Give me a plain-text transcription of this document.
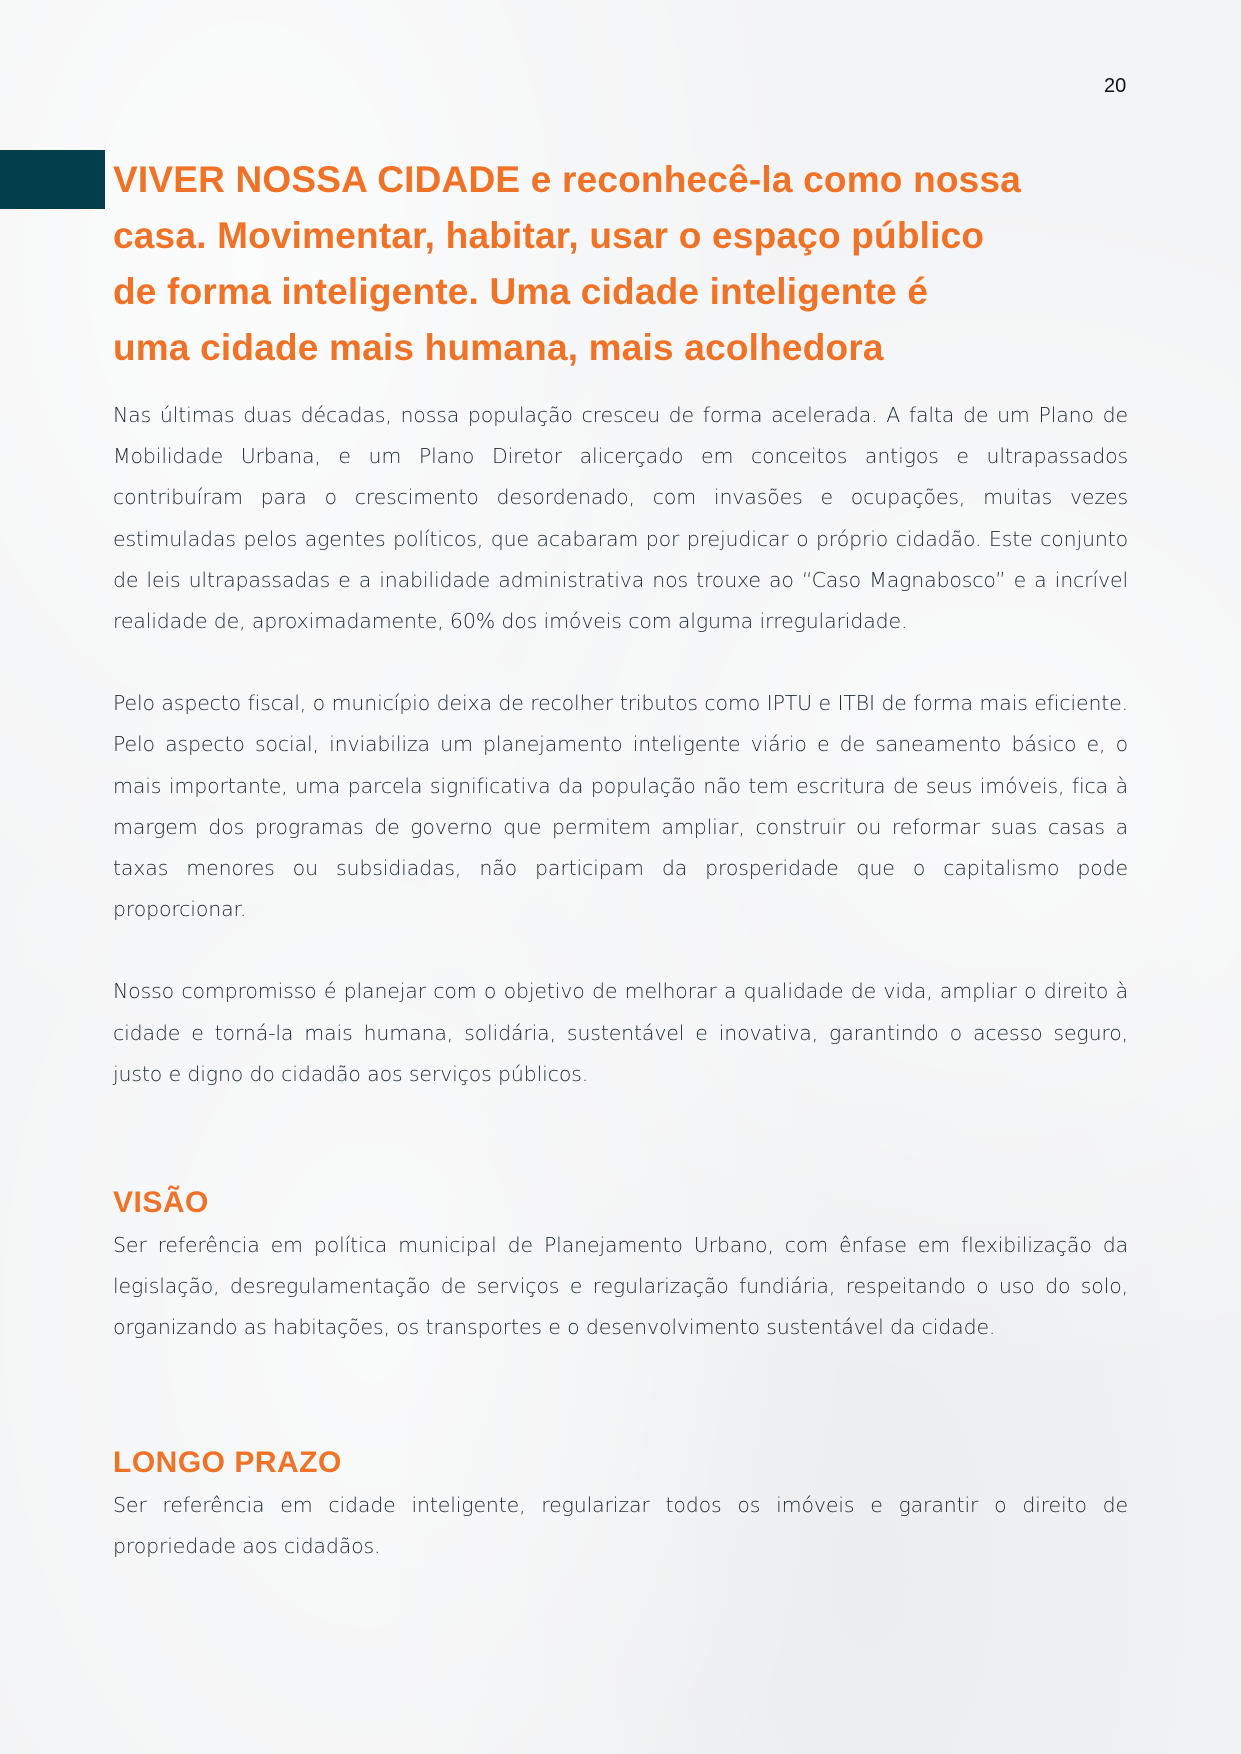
20
VIVER NOSSA CIDADE e reconhecê-la como nossa
casa. Movimentar, habitar, usar o espaço público
de forma inteligente. Uma cidade inteligente é
uma cidade mais humana, mais acolhedora

Nas últimas duas décadas, nossa população cresceu de forma acelerada. A falta de um Plano de Mobilidade Urbana, e um Plano Diretor alicerçado em conceitos antigos e ultrapassados contribuíram para o crescimento desordenado, com invasões e ocupações, muitas vezes estimuladas pelos agentes políticos, que acabaram por prejudicar o próprio cidadão. Este conjunto de leis ultrapassadas e a inabilidade administrativa nos trouxe ao “Caso Magnabosco” e a incrível realidade de, aproximadamente, 60% dos imóveis com alguma irregularidade.

Pelo aspecto fiscal, o município deixa de recolher tributos como IPTU e ITBI de forma mais eficiente. Pelo aspecto social, inviabiliza um planejamento inteligente viário e de saneamento básico e, o mais importante, uma parcela significativa da população não tem escritura de seus imóveis, fica à margem dos programas de governo que permitem ampliar, construir ou reformar suas casas a taxas menores ou subsidiadas, não participam da prosperidade que o capitalismo pode proporcionar.

Nosso compromisso é planejar com o objetivo de melhorar a qualidade de vida, ampliar o direito à cidade e torná-la mais humana, solidária, sustentável e inovativa, garantindo o acesso seguro, justo e digno do cidadão aos serviços públicos.

VISÃO

Ser referência em política municipal de Planejamento Urbano, com ênfase em flexibilização da legislação, desregulamentação de serviços e regularização fundiária, respeitando o uso do solo, organizando as habitações, os transportes e o desenvolvimento sustentável da cidade.

LONGO PRAZO

Ser referência em cidade inteligente, regularizar todos os imóveis e garantir o direito de propriedade aos cidadãos.
